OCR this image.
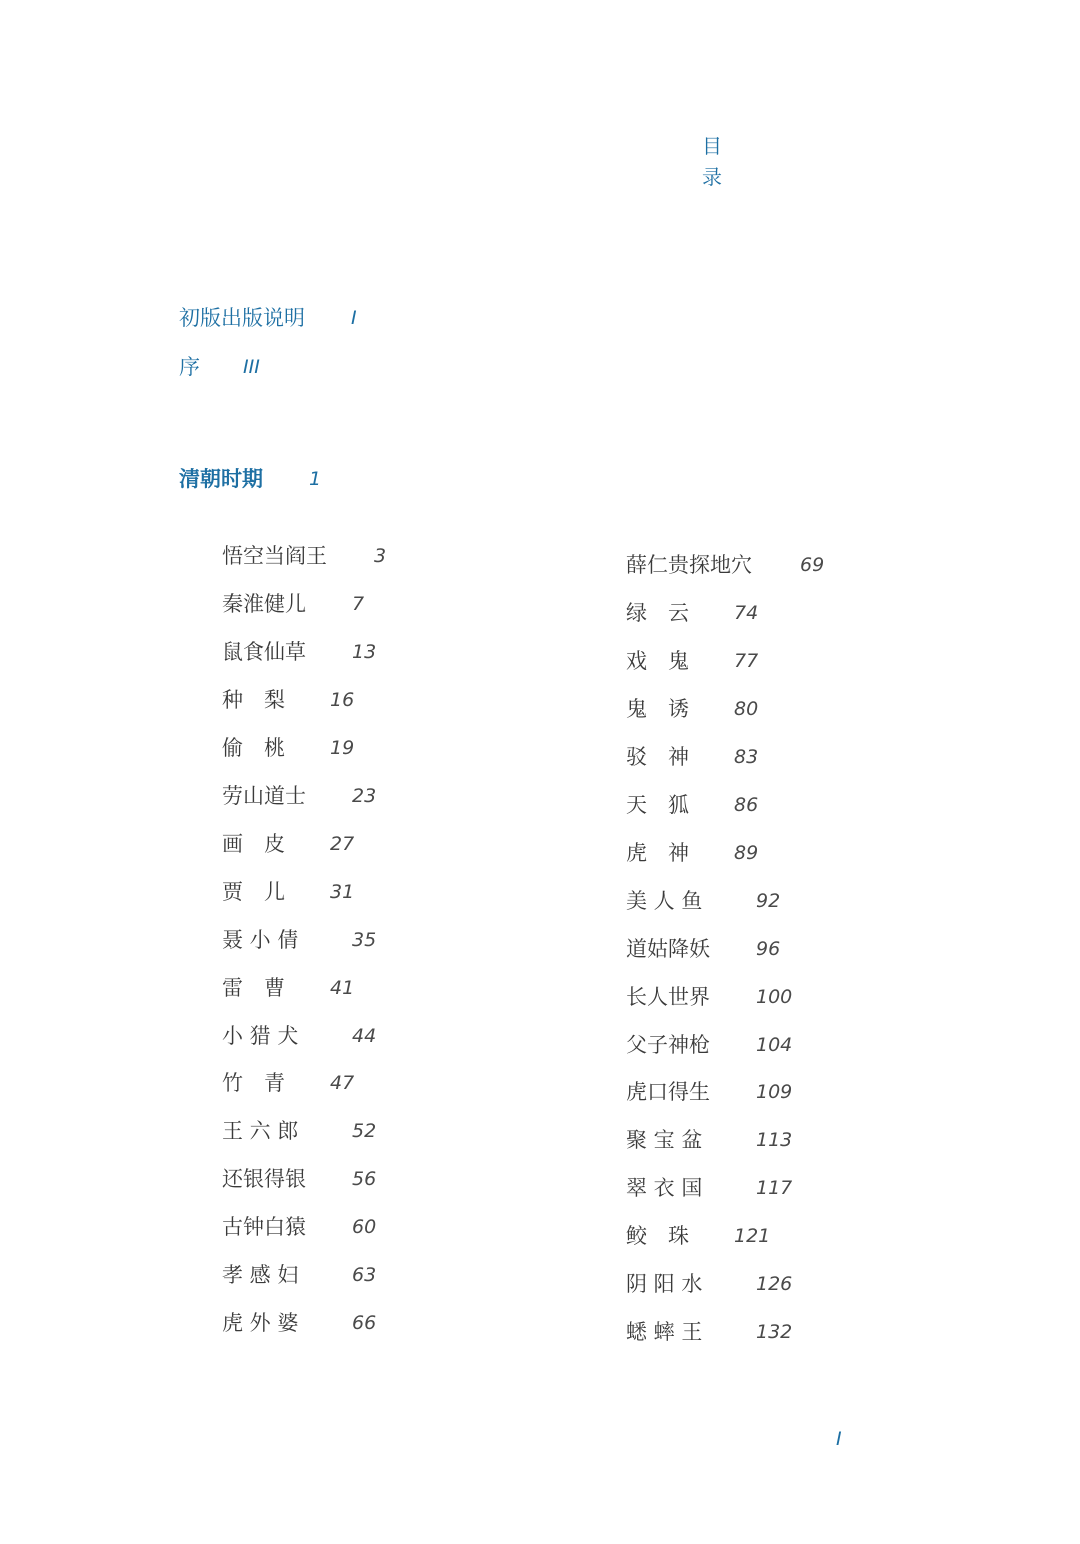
目
录
初版出版说明 I
序 III
清朝时期 1
悟空当阎王 3
秦淮健儿 7
鼠食仙草 13
种　梨 16
偷　桃 19
劳山道士 23
画　皮 27
贾　儿 31
聂 小 倩	35
雷　曹 41
小 猎 犬	44
竹　青 47
王 六 郎	52
还银得银 56
古钟白猿 60
孝 感 妇	63
虎 外 婆	66
薛仁贵探地穴	69
绿　云 74
戏　鬼 77
鬼　诱 80
驳　神 83
天　狐 86
虎　神 89
美 人 鱼	92
道姑降妖 96
长人世界 100
父子神枪 104
虎口得生 109
聚 宝 盆	113
翠 衣 国	117
鲛　珠 121
阴 阳 水	126
蟋 蟀 王	132
I
